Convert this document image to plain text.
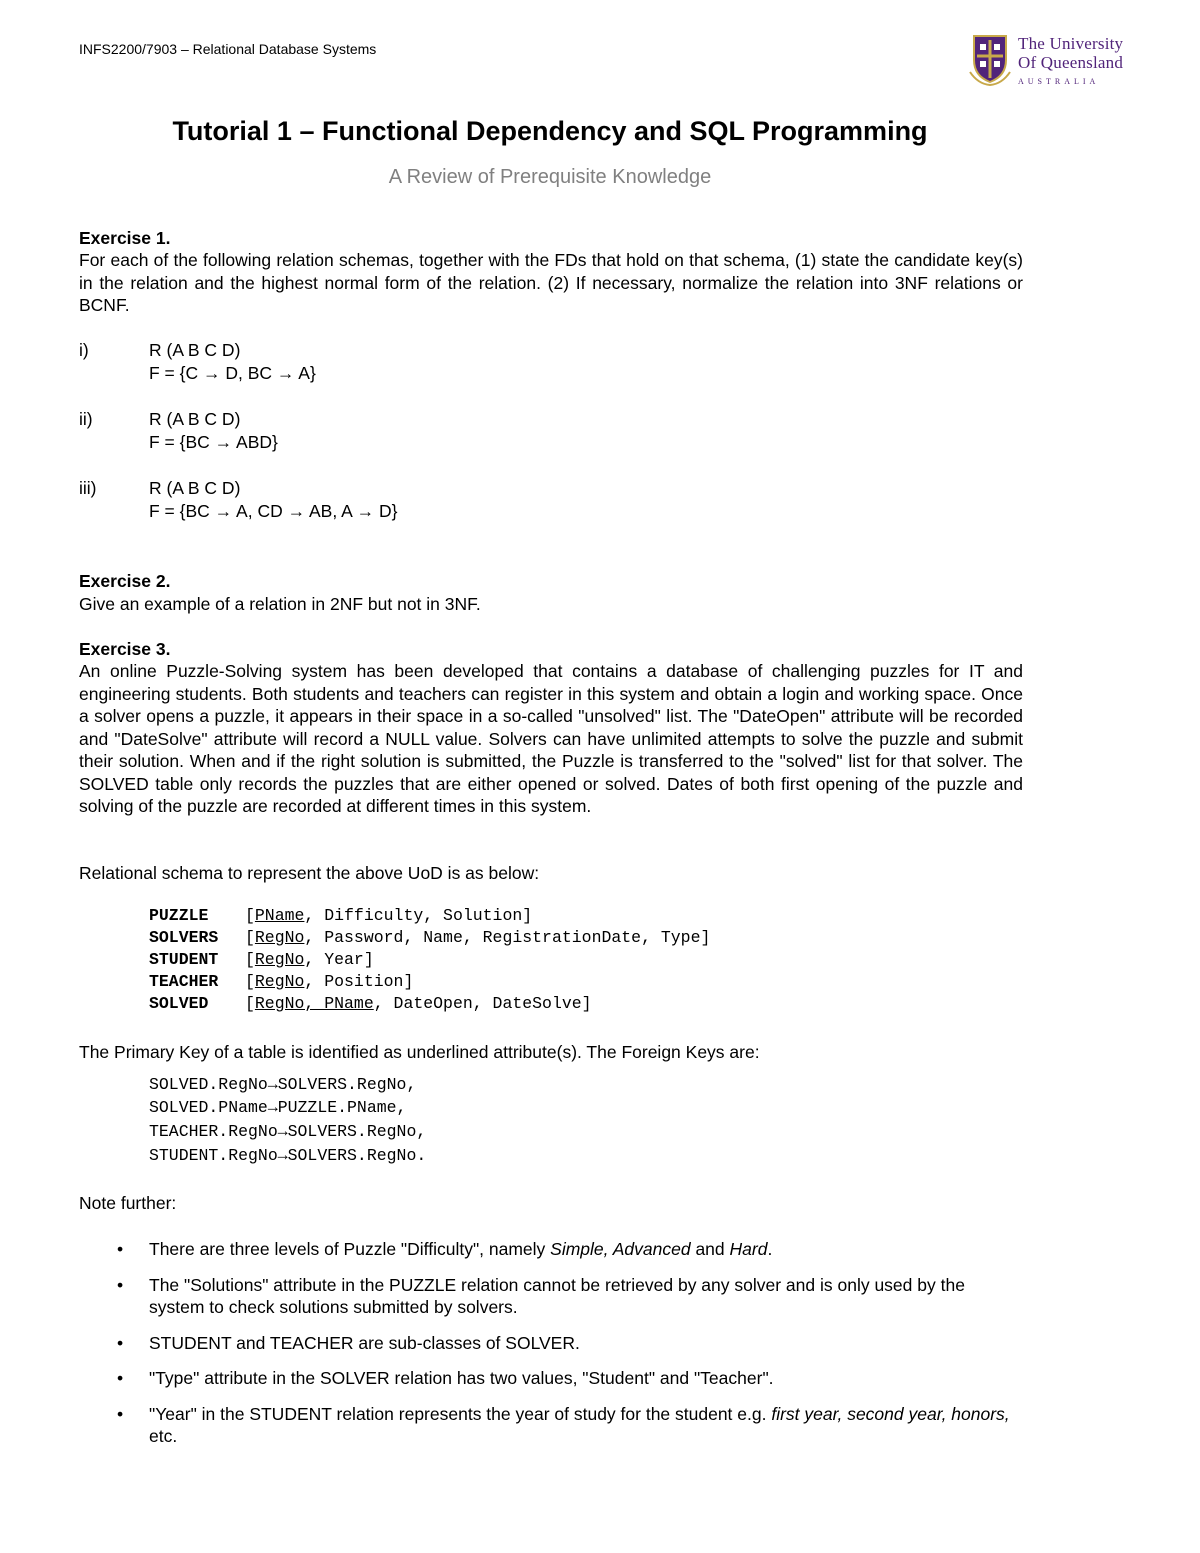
INFS2200/7903 – Relational Database Systems	The University
Of Queensland
AUSTRALIA
Tutorial 1 – Functional Dependency and SQL Programming
A Review of Prerequisite Knowledge
Exercise 1.
For each of the following relation schemas, together with the FDs that hold on that schema, (1) state the candidate key(s) in the relation and the highest normal form of the relation. (2) If necessary, normalize the relation into 3NF relations or BCNF.
i)	R (A B C D)
F = {C → D, BC → A}
ii)	R (A B C D)
F = {BC → ABD}
iii)	R (A B C D)
F = {BC → A, CD → AB, A → D}
Exercise 2.
Give an example of a relation in 2NF but not in 3NF.
Exercise 3.
An online Puzzle-Solving system has been developed that contains a database of challenging puzzles for IT and engineering students. Both students and teachers can register in this system and obtain a login and working space. Once a solver opens a puzzle, it appears in their space in a so-called "unsolved" list. The "DateOpen" attribute will be recorded and "DateSolve" attribute will record a NULL value. Solvers can have unlimited attempts to solve the puzzle and submit their solution. When and if the right solution is submitted, the Puzzle is transferred to the "solved" list for that solver. The SOLVED table only records the puzzles that are either opened or solved. Dates of both first opening of the puzzle and solving of the puzzle are recorded at different times in this system.
Relational schema to represent the above UoD is as below:
PUZZLE [PName, Difficulty, Solution]
SOLVERS [RegNo, Password, Name, RegistrationDate, Type]
STUDENT [RegNo, Year]
TEACHER [RegNo, Position]
SOLVED [RegNo, PName, DateOpen, DateSolve]
The Primary Key of a table is identified as underlined attribute(s). The Foreign Keys are:
SOLVED.RegNo→SOLVERS.RegNo,
SOLVED.PName→PUZZLE.PName,
TEACHER.RegNo→SOLVERS.RegNo,
STUDENT.RegNo→SOLVERS.RegNo.
Note further:
• There are three levels of Puzzle "Difficulty", namely Simple, Advanced and Hard.
• The "Solutions" attribute in the PUZZLE relation cannot be retrieved by any solver and is only used by the system to check solutions submitted by solvers.
• STUDENT and TEACHER are sub-classes of SOLVER.
• "Type" attribute in the SOLVER relation has two values, "Student" and "Teacher".
• "Year" in the STUDENT relation represents the year of study for the student e.g. first year, second year, honors, etc.
